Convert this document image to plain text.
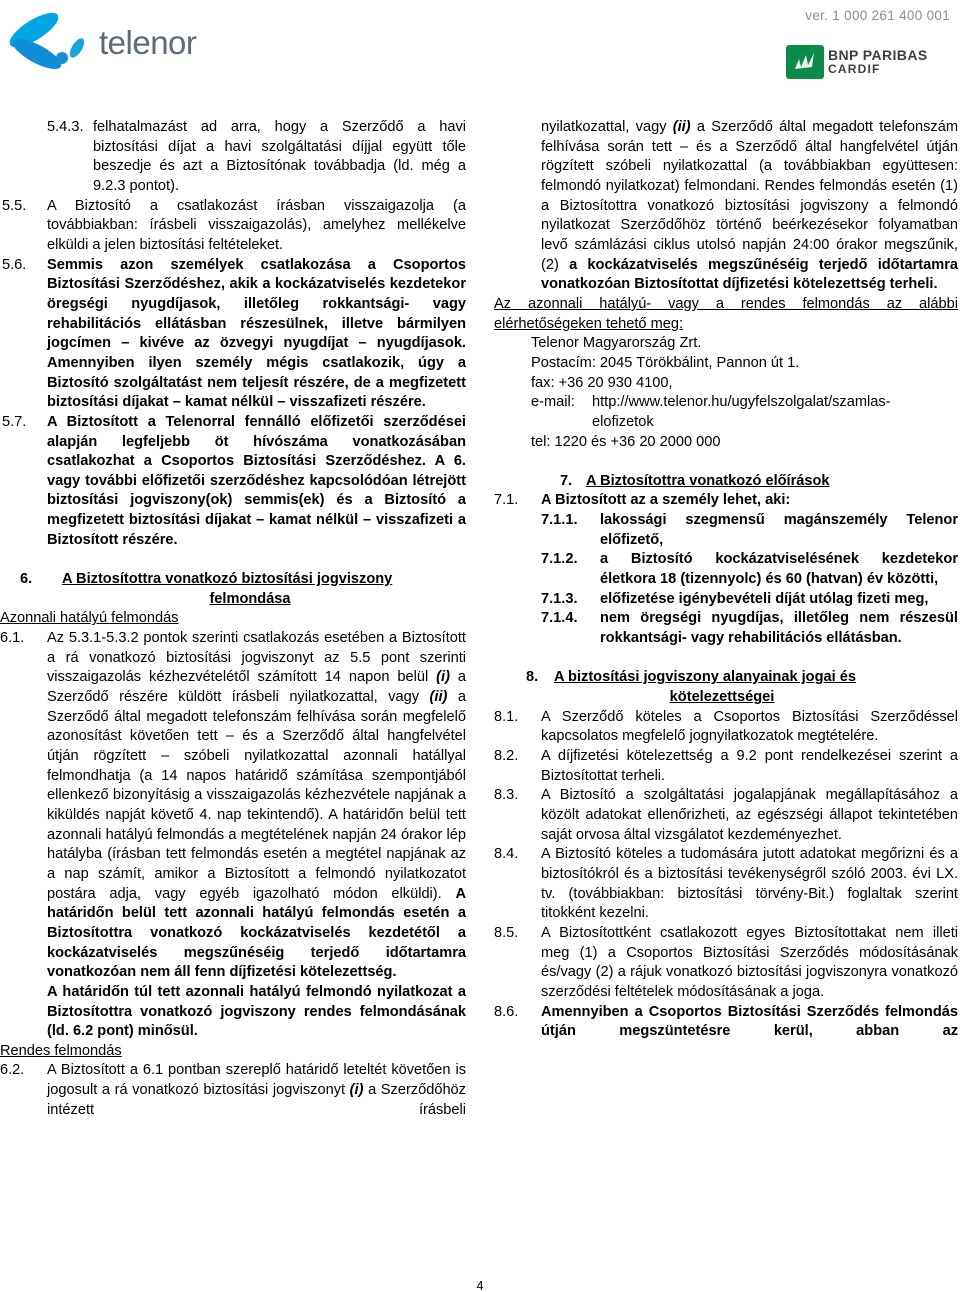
ver. 1 000 261 400 001
telenor	BNP PARIBAS
CARDIF
5.4.3. felhatalmazást ad arra, hogy a Szerződő a havi biztosítási díjat a havi szolgáltatási díjjal együtt tőle beszedje és azt a Biztosítónak továbbadja (ld. még a 9.2.3 pontot).
5.5.	A Biztosító a csatlakozást írásban visszaigazolja (a továbbiakban: írásbeli visszaigazolás), amelyhez mellékelve elküldi a jelen biztosítási feltételeket.
5.6.	Semmis azon személyek csatlakozása a Csoportos Biztosítási Szerződéshez, akik a kockázatviselés kezdetekor öregségi nyugdíjasok, illetőleg rokkantsági- vagy rehabilitációs ellátásban részesülnek, illetve bármilyen jogcímen – kivéve az özvegyi nyugdíjat – nyugdíjasok. Amennyiben ilyen személy mégis csatlakozik, úgy a Biztosító szolgáltatást nem teljesít részére, de a megfizetett biztosítási díjakat – kamat nélkül – visszafizeti részére.
5.7.	A Biztosított a Telenorral fennálló előfizetői szerződései alapján legfeljebb öt hívószáma vonatkozásában csatlakozhat a Csoportos Biztosítási Szerződéshez. A 6. vagy további előfizetői szerződéshez kapcsolódóan létrejött biztosítási jogviszony(ok) semmis(ek) és a Biztosító a megfizetett biztosítási díjakat – kamat nélkül – visszafizeti a Biztosított részére.
6.	A Biztosítottra vonatkozó biztosítási jogviszony
felmondása

Azonnali hatályú felmondás

6.1.	Az 5.3.1-5.3.2 pontok szerinti csatlakozás esetében a Biztosított a rá vonatkozó biztosítási jogviszonyt az 5.5 pont szerinti visszaigazolás kézhezvételétől számított 14 napon belül (i) a Szerződő részére küldött írásbeli nyilatkozattal, vagy (ii) a Szerződő által megadott telefonszám felhívása során megfelelő azonosítást követően tett – és a Szerződő által hangfelvétel útján rögzített – szóbeli nyilatkozattal azonnali hatállyal felmondhatja (a 14 napos határidő számítása szempontjából ellenkező bizonyításig a visszaigazolás kézhezvétele napjának a kiküldés napját követő 4. nap tekintendő). A határidőn belül tett azonnali hatályú felmondás a megtételének napján 24 órakor lép hatályba (írásban tett felmondás esetén a megtétel napjának az a nap számít, amikor a Biztosított a felmondó nyilatkozatot postára adja, vagy egyéb igazolható módon elküldi). A határidőn belül tett azonnali hatályú felmondás esetén a Biztosítottra vonatkozó kockázatviselés kezdetétől a kockázatviselés megszűnéséig terjedő időtartamra vonatkozóan nem áll fenn díjfizetési kötelezettség.

A határidőn túl tett azonnali hatályú felmondó nyilatkozat a Biztosítottra vonatkozó jogviszony rendes felmondásának (ld. 6.2 pont) minősül.

Rendes felmondás

6.2.	A Biztosított a 6.1 pontban szereplő határidő leteltét követően is jogosult a rá vonatkozó biztosítási jogviszonyt (i) a Szerződőhöz intézett írásbeli

nyilatkozattal, vagy (ii) a Szerződő által megadott telefonszám felhívása során tett – és a Szerződő által hangfelvétel útján rögzített szóbeli nyilatkozattal (a továbbiakban együttesen: felmondó nyilatkozat) felmondani. Rendes felmondás esetén (1) a Biztosítottra vonatkozó biztosítási jogviszony a felmondó nyilatkozat Szerződőhöz történő beérkezésekor folyamatban levő számlázási ciklus utolsó napján 24:00 órakor megszűnik, (2) a kockázatviselés megszűnéséig terjedő időtartamra vonatkozóan Biztosítottat díjfizetési kötelezettség terheli.

Az azonnali hatályú- vagy a rendes felmondás az alábbi elérhetőségeken tehető meg:

Telenor Magyarország Zrt.

Postacím: 2045 Törökbálint, Pannon út 1.

fax: +36 20 930 4100,

e-mail:	http://www.telenor.hu/ugyfelszolgalat/szamlas-
elofizetok

tel: 1220 és +36 20 2000 000

7. A Biztosítottra vonatkozó előírások
7.1.	A Biztosított az a személy lehet, aki:
7.1.1.	lakossági szegmensű magánszemély Telenor előfizető,
7.1.2.	a Biztosító kockázatviselésének kezdetekor életkora 18 (tizennyolc) és 60 (hatvan) év közötti,
7.1.3.	előfizetése igénybevételi díját utólag fizeti meg,
7.1.4.	nem öregségi nyugdíjas, illetőleg nem részesül rokkantsági- vagy rehabilitációs ellátásban.
8.	A biztosítási jogviszony alanyainak jogai és
kötelezettségei
8.1.	A Szerződő köteles a Csoportos Biztosítási Szerződéssel kapcsolatos megfelelő jognyilatkozatok megtételére.
8.2.	A díjfizetési kötelezettség a 9.2 pont rendelkezései szerint a Biztosítottat terheli.
8.3.	A Biztosító a szolgáltatási jogalapjának megállapításához a közölt adatokat ellenőrizheti, az egészségi állapot tekintetében saját orvosa által vizsgálatot kezdeményezhet.
8.4.	A Biztosító köteles a tudomására jutott adatokat megőrizni és a biztosítókról és a biztosítási tevékenységről szóló 2003. évi LX. tv. (továbbiakban: biztosítási törvény-Bit.) foglaltak szerint titokként kezelni.
8.5.	A Biztosítottként csatlakozott egyes Biztosítottakat nem illeti meg (1) a Csoportos Biztosítási Szerződés módosításának és/vagy (2) a rájuk vonatkozó biztosítási jogviszonyra vonatkozó szerződési feltételek módosításának a joga.
8.6.	Amennyiben a Csoportos Biztosítási Szerződés felmondás útján megszüntetésre kerül, abban az
4
